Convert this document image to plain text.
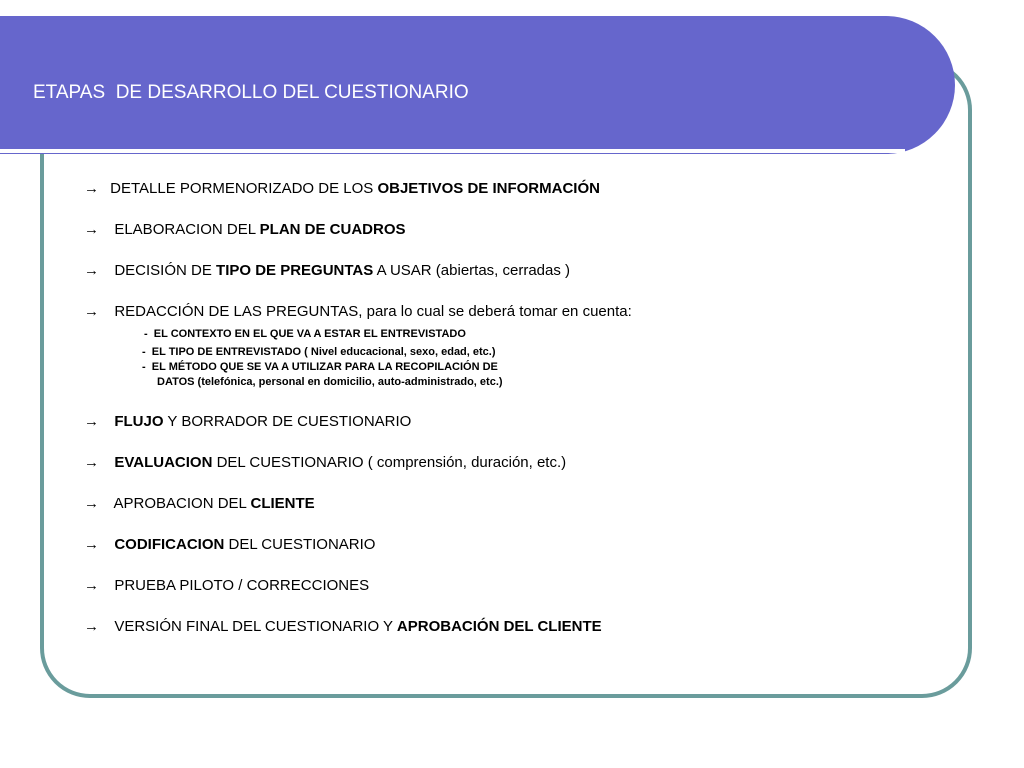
ETAPAS  DE DESARROLLO DEL CUESTIONARIO
→ DETALLE PORMENORIZADO DE LOS OBJETIVOS DE INFORMACIÓN
→  ELABORACION DEL PLAN DE CUADROS
→  DECISIÓN DE TIPO DE PREGUNTAS A USAR (abiertas, cerradas )
→  REDACCIÓN DE LAS PREGUNTAS, para lo cual se deberá tomar en cuenta:
-  EL CONTEXTO EN EL QUE VA A ESTAR EL ENTREVISTADO
-  EL TIPO DE ENTREVISTADO ( Nivel educacional, sexo, edad, etc.)
-  EL MÉTODO QUE SE VA A UTILIZAR PARA LA RECOPILACIÓN DE
DATOS (telefónica, personal en domicilio, auto-administrado, etc.)
→ FLUJO Y BORRADOR DE CUESTIONARIO
→ EVALUACION DEL CUESTIONARIO ( comprensión, duración, etc.)
→  APROBACION DEL CLIENTE
→ CODIFICACION DEL CUESTIONARIO
→  PRUEBA PILOTO / CORRECCIONES
→  VERSIÓN FINAL DEL CUESTIONARIO Y APROBACIÓN DEL CLIENTE
